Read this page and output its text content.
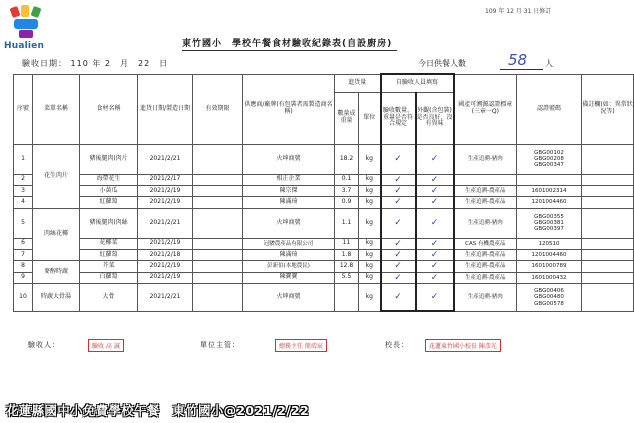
Hualien
109 年 12 月 31 日修訂
東竹國小　學校午餐食材驗收紀錄表(自設廚房)
驗收日期： 110 年 2　月　22　日	今日供餐人數	58 人
序號	菜單名稱	食材名稱	進貨日期/製造日期	有效期限	供應商/廠牌(有包裝者需製造商名稱)	進貨量		自驗收人員填寫		國產可溯源認證標章(三章一Q)	認證號碼	備註欄(如：異常狀況等)
						數量成重量	單位	驗收數量、重量是否符合規定	外觀(含包裝)是否良好、沒有異味			
1	花生肉片	豬後腿肉(肉片	2021/2/21		火坤商號	18.2	kg	✓	✓	生產追溯-豬肉	GBG00102
GBG00208
GBG00347	
2		海帶花生	2021/2/17		相正企業	0.1	kg	✓	✓			
3		小黃瓜	2021/2/19		陳宗傑	3.7	kg	✓	✓	生產追溯-農產品	1601002314	
4		紅蘿蔔	2021/2/19		陳滿琦	0.9	kg	✓	✓	生產追溯-農產品	1201004460	
5	肉絲花椰	豬後腿肉(肉絲	2021/2/21		火坤商號	1.1	kg	✓	✓	生產追溯-豬肉	GBG00355
GBG00381
GBG00397	
6		花椰菜	2021/2/19		冠駿農產品有限公司	11	kg	✓	✓	CAS 有機農產品	120510	
7		紅蘿蔔	2021/2/18		陳滿琦	1.8	kg	✓	✓	生產追溯-農產品	1201004460	
8	麥醇時蔬	芥菜	2021/2/19		彭新伯(本地農民)	12.8	kg	✓	✓	生產追溯-農產品	1601000789	
9		白蘿蔔	2021/2/19		陳寶寶	5.5	kg	✓	✓	生產追溯-農產品	1601000432	
10	時蔬大骨湯	大骨	2021/2/21		火坤商號		kg	✓	✓	生產追溯-豬肉	GBG00406
GBG00480
GBG00578	
驗收人：	驗收 高 誠	單位主管：	總務主任 簡靖宸	校長：	花蓮東竹國小校長 陳彥光
花蓮縣國中小免費學校午餐　東竹國小@2021/2/22
